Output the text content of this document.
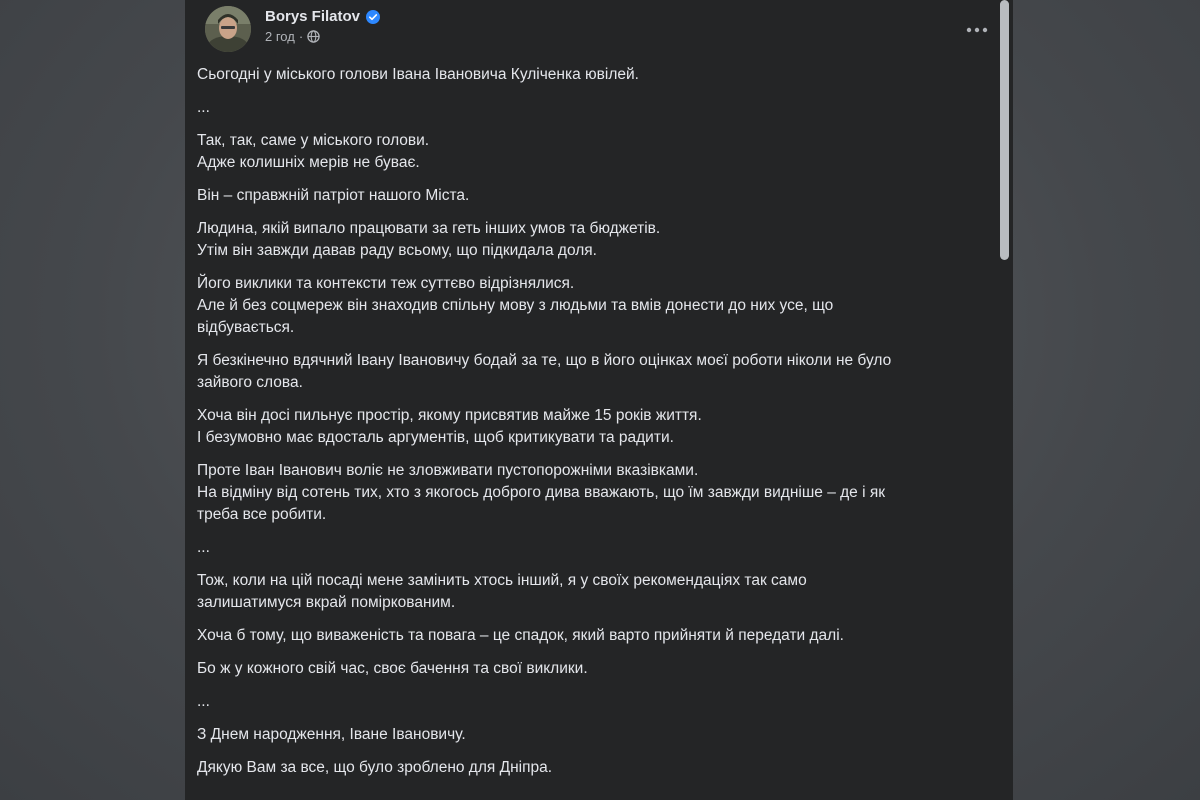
Borys Filatov
2 год ·
Сьогодні у міського голови Івана Івановича Куліченка ювілей.
...
Так, так, саме у міського голови.
Адже колишніх мерів не буває.
Він – справжній патріот нашого Міста.
Людина, якій випало працювати за геть інших умов та бюджетів.
Утім він завжди давав раду всьому, що підкидала доля.
Його виклики та контексти теж суттєво відрізнялися.
Але й без соцмереж він знаходив спільну мову з людьми та вмів донести до них усе, що
відбувається.
Я безкінечно вдячний Івану Івановичу бодай за те, що в його оцінках моєї роботи ніколи не було
зайвого слова.
Хоча він досі пильнує простір, якому присвятив майже 15 років життя.
І безумовно має вдосталь аргументів, щоб критикувати та радити.
Проте Іван Іванович воліє не зловживати пустопорожніми вказівками.
На відміну від сотень тих, хто з якогось доброго дива вважають, що їм завжди видніше – де і як
треба все робити.
...
Тож, коли на цій посаді мене замінить хтось інший, я у своїх рекомендаціях так само
залишатимуся вкрай поміркованим.
Хоча б тому, що виваженість та повага – це спадок, який варто прийняти й передати далі.
Бо ж у кожного свій час, своє бачення та свої виклики.
...
З Днем народження, Іване Івановичу.
Дякую Вам за все, що було зроблено для Дніпра.
